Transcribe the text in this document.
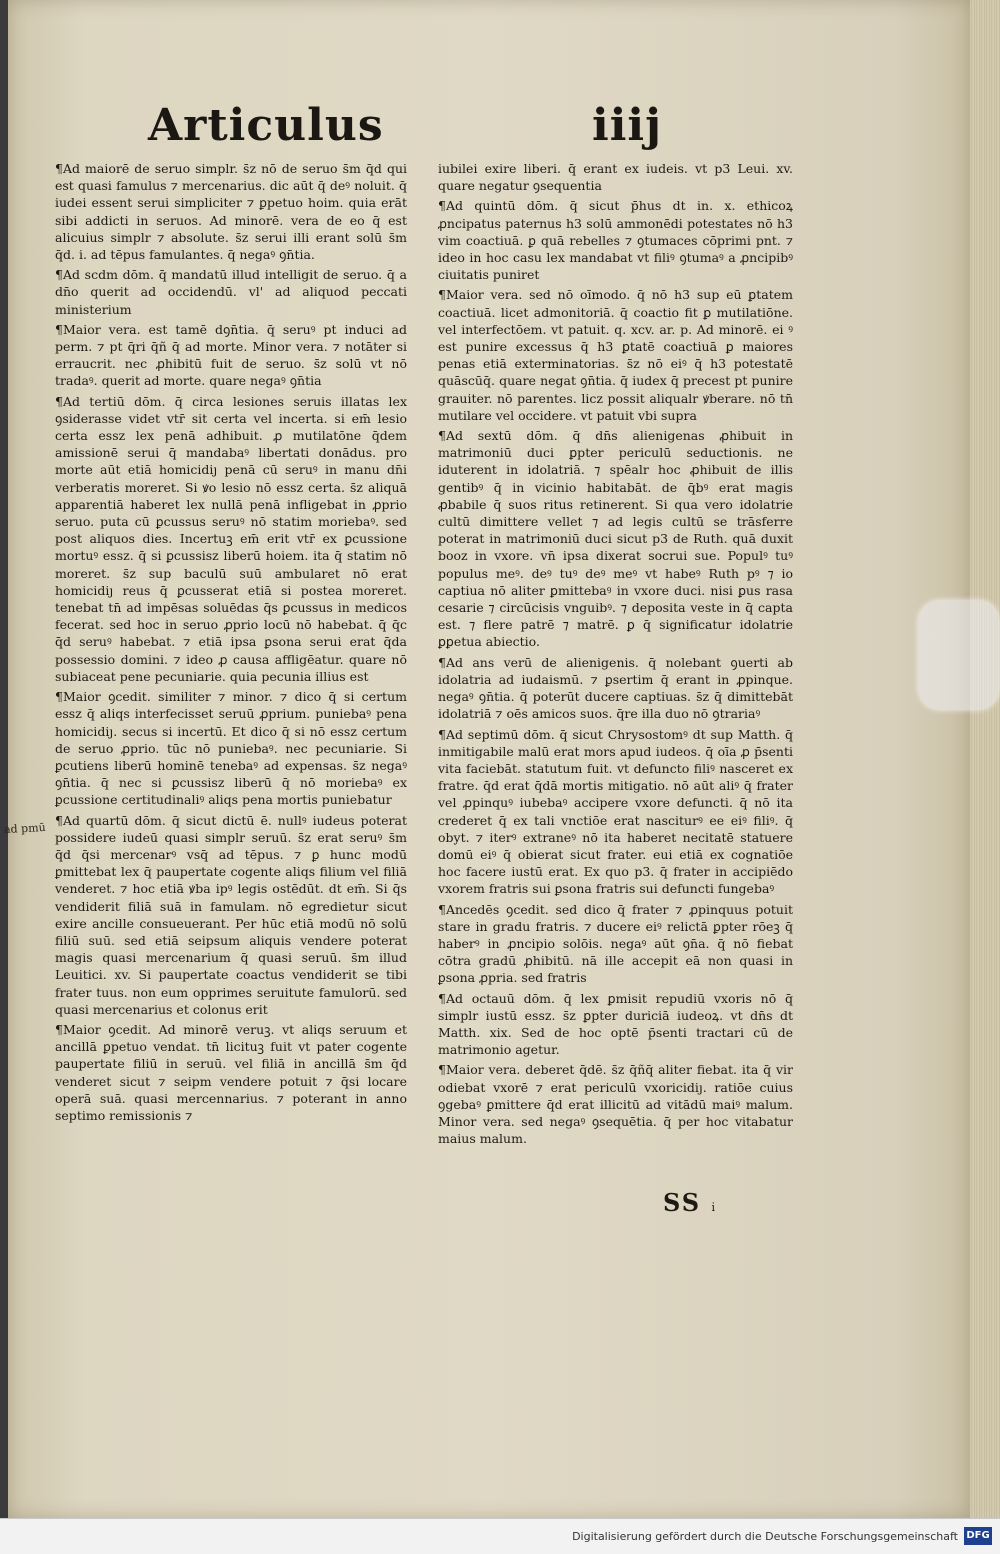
Articulus	iiij
ad pmū

¶Ad maiorē de seruo simplr. s̄z nō de seruo s̄m q̄d qui est quasi famulus ⁊ mercenarius. dic aūt q̄ deꝰ noluit. q̄ iudei essent serui simpliciter ⁊ ꝑpetuo hoim. quia erāt sibi addicti in seruos. Ad minorē. vera de eo q̄ est alicuius simplr ⁊ absolute. s̄z serui illi erant solū s̄m q̄d. i. ad tēpus famulantes. q̄ negaꝰ ꝯn̄tia.

¶Ad scdm dōm. q̄ mandatū illud intelligit de seruo. q̄ a dn̄o querit ad occidendū. vl' ad aliquod peccati ministerium

¶Maior vera. est tamē dꝯn̄tia. q̄ seruꝰ pt induci ad perm. ⁊ pt q̄ri q̄ñ q̄ ad morte. Minor vera. ⁊ notāter si erraucrit. nec ꝓhibitū fuit de seruo. s̄z solū vt nō tradaꝰ. querit ad morte. quare negaꝰ ꝯn̄tia

¶Ad tertiū dōm. q̄ circa lesiones seruis illatas lex ꝯsiderasse videt vtr̄ sit certa vel incerta. si em̄ lesio certa essz lex penā adhibuit. ꝓ mutilatōne q̄dem amissionē serui q̄ mandabaꝰ libertati donādus. pro morte aūt etiā homicidiȷ penā cū seruꝰ in manu dn̄i verberatis moreret. Si ꝟo lesio nō essz certa. s̄z aliquā apparentiā haberet lex nullā penā infligebat in ꝓprio seruo. puta cū ꝑcussus seruꝰ nō statim moriebaꝰ. sed post aliquos dies. Incertuꝫ em̄ erit vtr̄ ex ꝑcussione mortuꝰ essz. q̄ si ꝑcussisz liberū hoiem. ita q̄ statim nō moreret. s̄z sup baculū suū ambularet nō erat homicidiȷ reus q̄ ꝑcusserat etiā si postea moreret. tenebat tn̄ ad impēsas soluēdas q̄s ꝑcussus in medicos fecerat. sed hoc in seruo ꝓprio locū nō habebat. q̄ q̄c q̄d seruꝰ habebat. ⁊ etiā ipsa ꝑsona serui erat q̄da possessio domini. ⁊ ideo ꝓ causa affligēatur. quare nō subiaceat pene pecuniarie. quia pecunia illius est

¶Maior ꝯcedit. similiter ⁊ minor. ⁊ dico q̄ si certum essz q̄ aliqs interfecisset seruū ꝓprium. puniebaꝰ pena homicidiȷ. secus si incertū. Et dico q̄ si nō essz certum de seruo ꝓprio. tūc nō puniebaꝰ. nec pecuniarie. Si ꝑcutiens liberū hominē tenebaꝰ ad expensas. s̄z negaꝰ ꝯn̄tia. q̄ nec si ꝑcussisz liberū q̄ nō moriebaꝰ ex ꝑcussione certitudinaliꝰ aliqs pena mortis puniebatur

¶Ad quartū dōm. q̄ sicut dictū ē. nullꝰ iudeus poterat possidere iudeū quasi simplr seruū. s̄z erat seruꝰ s̄m q̄d q̄si mercenarꝰ vsq̄ ad tēpus. ⁊ ꝑ hunc modū ꝑmittebat lex q̄ paupertate cogente aliqs filium vel filiā venderet. ⁊ hoc etiā ꝟba ipꝰ legis ostēdūt. dt em̄. Si q̄s vendiderit filiā suā in famulam. nō egredietur sicut exire ancille consueuerant. Per hūc etiā modū nō solū filiū suū. sed etiā seipsum aliquis vendere poterat magis quasi mercenarium q̄ quasi seruū. s̄m illud Leuitici. xv. Si paupertate coactus vendiderit se tibi frater tuus. non eum opprimes seruitute famulorū. sed quasi mercenarius et colonus erit

¶Maior ꝯcedit. Ad minorē veruꝫ. vt aliqs seruum et ancillā ꝑpetuo vendat. tn̄ licituꝫ fuit vt pater cogente paupertate filiū in seruū. vel filiā in ancillā s̄m q̄d venderet sicut ⁊ seipm vendere potuit ⁊ q̄si locare operā suā. quasi mercennarius. ⁊ poterant in anno septimo remissionis ⁊

iubilei exire liberi. q̄ erant ex iudeis. vt p3 Leui. xv. quare negatur ꝯsequentia

¶Ad quintū dōm. q̄ sicut p̄hus dt in. x. ethicoꝝ ꝓncipatus paternus h3 solū ammonēdi potestates nō h3 vim coactiuā. ꝑ quā rebelles ⁊ ꝯtumaces cōprimi pnt. ⁊ ideo in hoc casu lex mandabat vt filiꝰ ꝯtumaꝰ a ꝓncipibꝰ ciuitatis puniret

¶Maior vera. sed nō oīmodo. q̄ nō h3 sup eū ꝑtatem coactiuā. licet admonitoriā. q̄ coactio fit ꝑ mutilatiōne. vel interfectōem. vt patuit. q. xcv. ar. p. Ad minorē. ei ꝰ est punire excessus q̄ h3 ꝑtatē coactiuā ꝑ maiores penas etiā exterminatorias. s̄z nō eiꝰ q̄ h3 potestatē quāscūq̄. quare negat ꝯn̄tia. q̄ iudex q̄ precest pt punire grauiter. nō parentes. licz possit aliqualr ꝟberare. nō tn̄ mutilare vel occidere. vt patuit vbi supra

¶Ad sextū dōm. q̄ dn̄s alienigenas ꝓhibuit in matrimoniū duci ꝑpter periculū seductionis. ne iduterent in idolatriā. ⁊ spēalr hoc ꝓhibuit de illis gentibꝰ q̄ in vicinio habitabāt. de q̄bꝰ erat magis ꝓbabile q̄ suos ritus retinerent. Si qua vero idolatrie cultū dimittere vellet ⁊ ad legis cultū se trāsferre poterat in matrimoniū duci sicut p3 de Ruth. quā duxit booz in vxore. vn̄ ipsa dixerat socrui sue. Populꝰ tuꝰ populus meꝰ. deꝰ tuꝰ deꝰ meꝰ vt habeꝰ Ruth pꝰ ⁊ io captiua nō aliter ꝑmittebaꝰ in vxore duci. nisi ꝑus rasa cesarie ⁊ circūcisis vnguibꝰ. ⁊ deposita veste in q̄ capta est. ⁊ flere patrē ⁊ matrē. ꝑ q̄ significatur idolatrie ꝑꝑetua abiectio.

¶Ad ans verū de alienigenis. q̄ nolebant ꝯuerti ab idolatria ad iudaismū. ⁊ ꝑsertim q̄ erant in ꝓpinque. negaꝰ ꝯn̄tia. q̄ poterūt ducere captiuas. s̄z q̄ dimittebāt idolatriā ⁊ oēs amicos suos. q̄re illa duo nō ꝯtrariaꝰ

¶Ad septimū dōm. q̄ sicut Chrysostomꝰ dt sup Matth. q̄ inmitigabile malū erat mors apud iudeos. q̄ oīa ꝓ p̄senti vita faciebāt. statutum fuit. vt defuncto filiꝰ nasceret ex fratre. q̄d erat q̄dā mortis mitigatio. nō aūt aliꝰ q̄ frater vel ꝓpinquꝰ iubebaꝰ accipere vxore defuncti. q̄ nō ita crederet q̄ ex tali vnctiōe erat nasciturꝰ ee eiꝰ filiꝰ. q̄ obyt. ⁊ iterꝰ extraneꝰ nō ita haberet necitatē statuere domū eiꝰ q̄ obierat sicut frater. eui etiā ex cognatiōe hoc facere iustū erat. Ex quo p3. q̄ frater in accipiēdo vxorem fratris sui ꝑsona fratris sui defuncti fungebaꝰ

¶Ancedēs ꝯcedit. sed dico q̄ frater ⁊ ꝓpinquus potuit stare in gradu fratris. ⁊ ducere eiꝰ relictā ꝑpter rōeꝫ q̄ haberꝰ in ꝓncipio solōis. negaꝰ aūt ꝯn̄a. q̄ nō fiebat cōtra gradū ꝓhibitū. nā ille accepit eā non quasi in ꝑsona ꝓpria. sed fratris

¶Ad octauū dōm. q̄ lex ꝑmisit repudiū vxoris nō q̄ simplr iustū essz. s̄z ꝑpter duriciā iudeoꝝ. vt dn̄s dt Matth. xix. Sed de hoc optē p̄senti tractari cū de matrimonio agetur.

¶Maior vera. deberet q̄dē. s̄z q̄ñq̄ aliter fiebat. ita q̄ vir odiebat vxorē ⁊ erat periculū vxoricidiȷ. ratiōe cuius ꝯgebaꝰ ꝑmittere q̄d erat illicitū ad vitādū maiꝰ malum. Minor vera. sed negaꝰ ꝯsequētia. q̄ per hoc vitabatur maius malum.

SS i̇
Digitalisierung gefördert durch die Deutsche Forschungsgemeinschaft DFG
